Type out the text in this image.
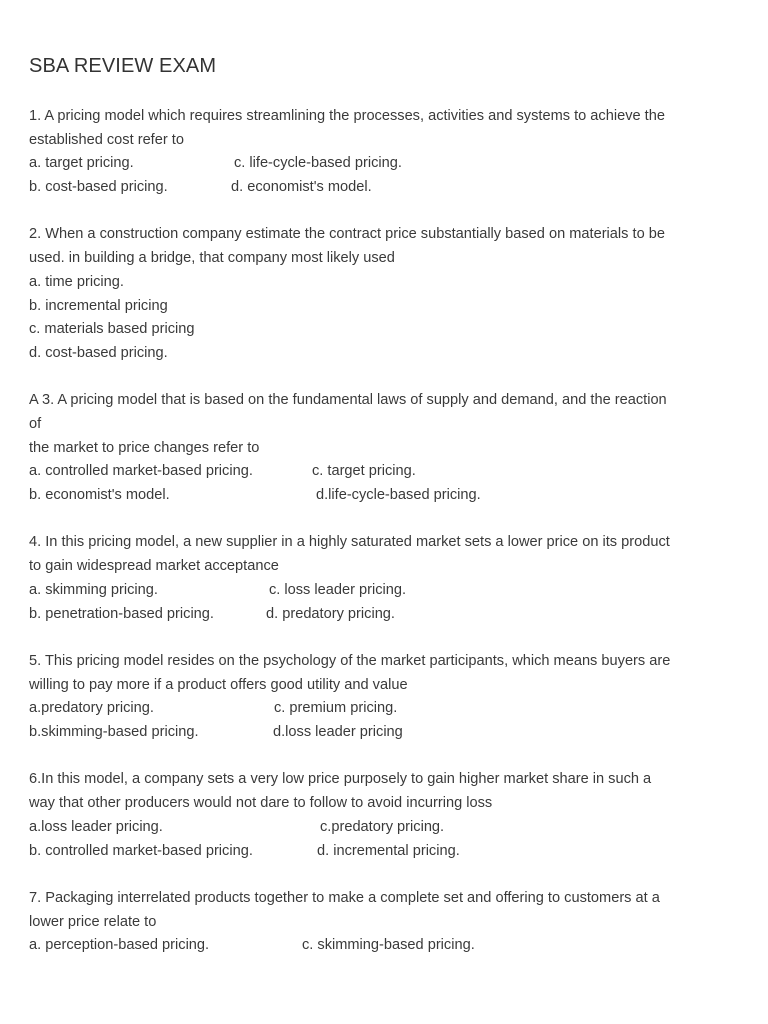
SBA REVIEW EXAM

1. A pricing model which requires streamlining the processes, activities and systems to achieve the
established cost refer to

a. target pricing.	c. life-cycle-based pricing.
b. cost-based pricing.	d. economist's model.

2. When a construction company estimate the contract price substantially based on materials to be
used. in building a bridge, that company most likely used

a. time pricing.
b. incremental pricing
c. materials based pricing
d. cost-based pricing.

A 3. A pricing model that is based on the fundamental laws of supply and demand, and the reaction
of
the market to price changes refer to

a. controlled market-based pricing.	c. target pricing.
b. economist's model.	d.life-cycle-based pricing.

4. In this pricing model, a new supplier in a highly saturated market sets a lower price on its product
to gain widespread market acceptance

a. skimming pricing.	c. loss leader pricing.
b. penetration-based pricing.	d. predatory pricing.

5. This pricing model resides on the psychology of the market participants, which means buyers are
willing to pay more if a product offers good utility and value

a.predatory pricing.	c. premium pricing.
b.skimming-based pricing.	d.loss leader pricing

6.In this model, a company sets a very low price purposely to gain higher market share in such a
way that other producers would not dare to follow to avoid incurring loss

a.loss leader pricing.	c.predatory pricing.
b. controlled market-based pricing.	d. incremental pricing.

7. Packaging interrelated products together to make a complete set and offering to customers at a
lower price relate to

a. perception-based pricing.	c. skimming-based pricing.
